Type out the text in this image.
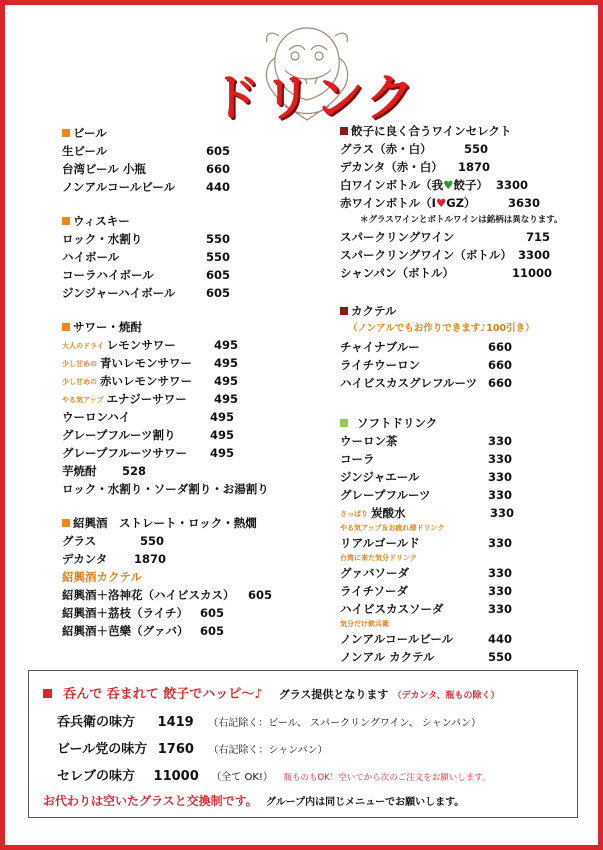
ドリンク
ビール
生ビール	605
台湾ビール 小瓶	660
ノンアルコールビール	440
ウィスキー
ロック・水割り	550
ハイボール	550
コーラハイボール	605
ジンジャーハイボール	605
サワー・焼酎
大人のドライ レモンサワー	495
少し甘めの 青いレモンサワー 495
少し甘めの 赤いレモンサワー 495
やる気アップ エナジーサワー 495
ウーロンハイ	495
グレープフルーツ割り	495
グレープフルーツサワー 495
芋焼酎 528
ロック・水割り・ソーダ割り・お湯割り
紹興酒　ストレート・ロック・熱燗
グラス	550
デカンタ 1870
紹興酒カクテル
紹興酒＋洛神花（ハイビスカス） 605
紹興酒＋茘枝（ライチ） 605
紹興酒＋芭樂（グァバ） 605
餃子に良く合うワインセレクト
グラス（赤・白）	550
デカンタ（赤・白） 1870
白ワインボトル（我♥餃子） 3300
赤ワインボトル（I♥GZ）	3630
＊グラスワインとボトルワインは銘柄は異なります。
スパークリングワイン	715
スパークリングワイン（ボトル） 3300
シャンパン（ボトル）	11000
カクテル
（ノンアルでもお作りできます♪100引き）
チャイナブルー	660
ライチウーロン	660
ハイビスカスグレフルーツ 660
ソフトドリンク
ウーロン茶	330
コーラ	330
ジンジャエール	330
グレープフルーツ	330
さっぱり 炭酸水	330
やる気アップ＆お疲れ様ドリンク
リアルゴールド	330
台湾に来た気分ドリンク
グァバソーダ	330
ライチソーダ	330
ハイビスカスソーダ	330
気分だけ飲兵衛
ノンアルコールビール	440
ノンアル カクテル	550
呑んで 呑まれて 餃子でハッピ～♪ グラス提供となります （デカンタ、瓶もの除く）
呑兵衛の味方 1419 （右記除く：ビール、 スパークリングワイン、 シャンパン）
ビール党の味方 1760 （右記除く：シャンパン）
セレブの味方 11000 （全て OK!） 瓶ものもOK！空いてから次のご注文をお願いします。
お代わりは空いたグラスと交換制です。 グループ内は同じメニューでお願いします。
